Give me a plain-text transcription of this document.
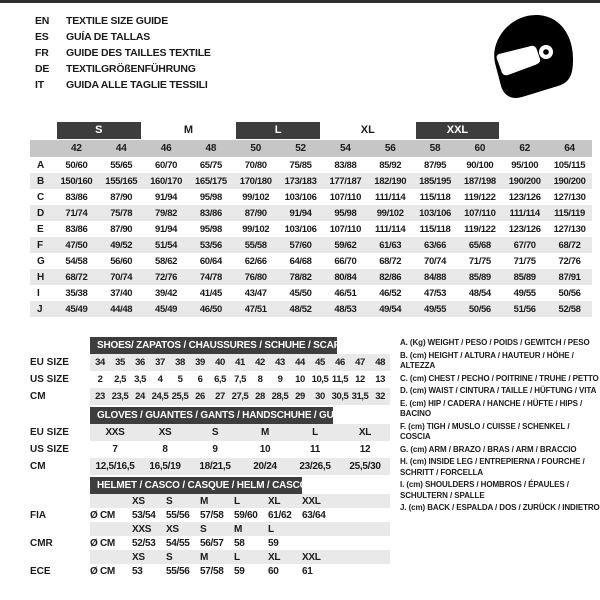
EN	TEXTILE SIZE GUIDE
ES	GUÍA DE TALLAS
FR	GUIDE DES TAILLES TEXTILE
DE	TEXTILGRÖßENFÜHRUNG
IT	GUIDA ALLE TAGLIE TESSILI

	S		M		L		XL		XXL			

	42	44	46	48	50	52	54	56	58	60	62	64
A	50/60	55/65	60/70	65/75	70/80	75/85	83/88	85/92	87/95	90/100	95/100	105/115
B	150/160	155/165	160/170	165/175	170/180	173/183	177/187	182/190	185/195	187/198	190/200	190/200
C	83/86	87/90	91/94	95/98	99/102	103/106	107/110	111/114	115/118	119/122	123/126	127/130
D	71/74	75/78	79/82	83/86	87/90	91/94	95/98	99/102	103/106	107/110	111/114	115/119
E	83/86	87/90	91/94	95/98	99/102	103/106	107/110	111/114	115/118	119/122	123/126	127/130
F	47/50	49/52	51/54	53/56	55/58	57/60	59/62	61/63	63/66	65/68	67/70	68/72
G	54/58	56/60	58/62	60/64	62/66	64/68	66/70	68/72	70/74	71/75	71/75	72/76
H	68/72	70/74	72/76	74/78	76/80	78/82	80/84	82/86	84/88	85/89	85/89	87/91
I	35/38	37/40	39/42	41/45	43/47	45/50	46/51	46/52	47/53	48/54	49/55	50/56
J	45/49	44/48	45/49	46/50	47/51	48/52	48/53	49/54	49/55	50/56	51/56	52/58

	SHOES/ ZAPATOS / CHAUSSURES / SCHUHE / SCARPE														

EU SIZE	34	35	36	37	38	39	40	41	42	43	44	45	46	47	48
US SIZE	2	2,5	3,5	4	5	6	6,5	7,5	8	9	10	10,5	11,5	12	13
CM	23	23,5	24	24,5	25,5	26	27	27,5	28	28,5	29	30	30,5	31,5	32

	GLOVES / GUANTES / GANTS / HANDSCHUHE / GUANTI					

EU SIZE	XXS	XS	S	M	L	XL
US SIZE	7	8	9	10	11	12
CM	12,5/16,5	16,5/19	18/21,5	20/24	23/26,5	25,5/30

	HELMET / CASCO / CASQUE / HELM / CASCO							

		XS	S	M	L	XL	XXL	
FIA	Ø CM	53/54	55/56	57/58	59/60	61/62	63/64	
		XXS	XS	S	M	L		
CMR	Ø CM	52/53	54/55	56/57	58	59		
		XS	S	M	L	XL	XXL	
ECE	Ø CM	53	55/56	57/58	59	60	61	
A. (Kg) WEIGHT / PESO / POIDS / GEWITCH / PESO
B. (cm) HEIGHT / ALTURA / HAUTEUR / HÖHE / ALTEZZA
C. (cm) CHEST / PECHO / POITRINE / TRUHE / PETTO
D. (cm) WAIST / CINTURA / TAILLE / HÜFTUNG / VITA
E. (cm) HIP / CADERA / HANCHE / HÜFTE / HIPS / BACINO
F. (cm) TIGH / MUSLO / CUISSE / SCHENKEL / COSCIA
G. (cm) ARM / BRAZO / BRAS / ARM / BRACCIO
H. (cm) INSIDE LEG / ENTREPIERNA / FOURCHE / SCHRITT / FORCELLA
I. (cm) SHOULDERS / HOMBROS / ÉPAULES / SCHULTERN / SPALLE
J. (cm) BACK / ESPALDA / DOS / ZURÜCK / INDIETRO
